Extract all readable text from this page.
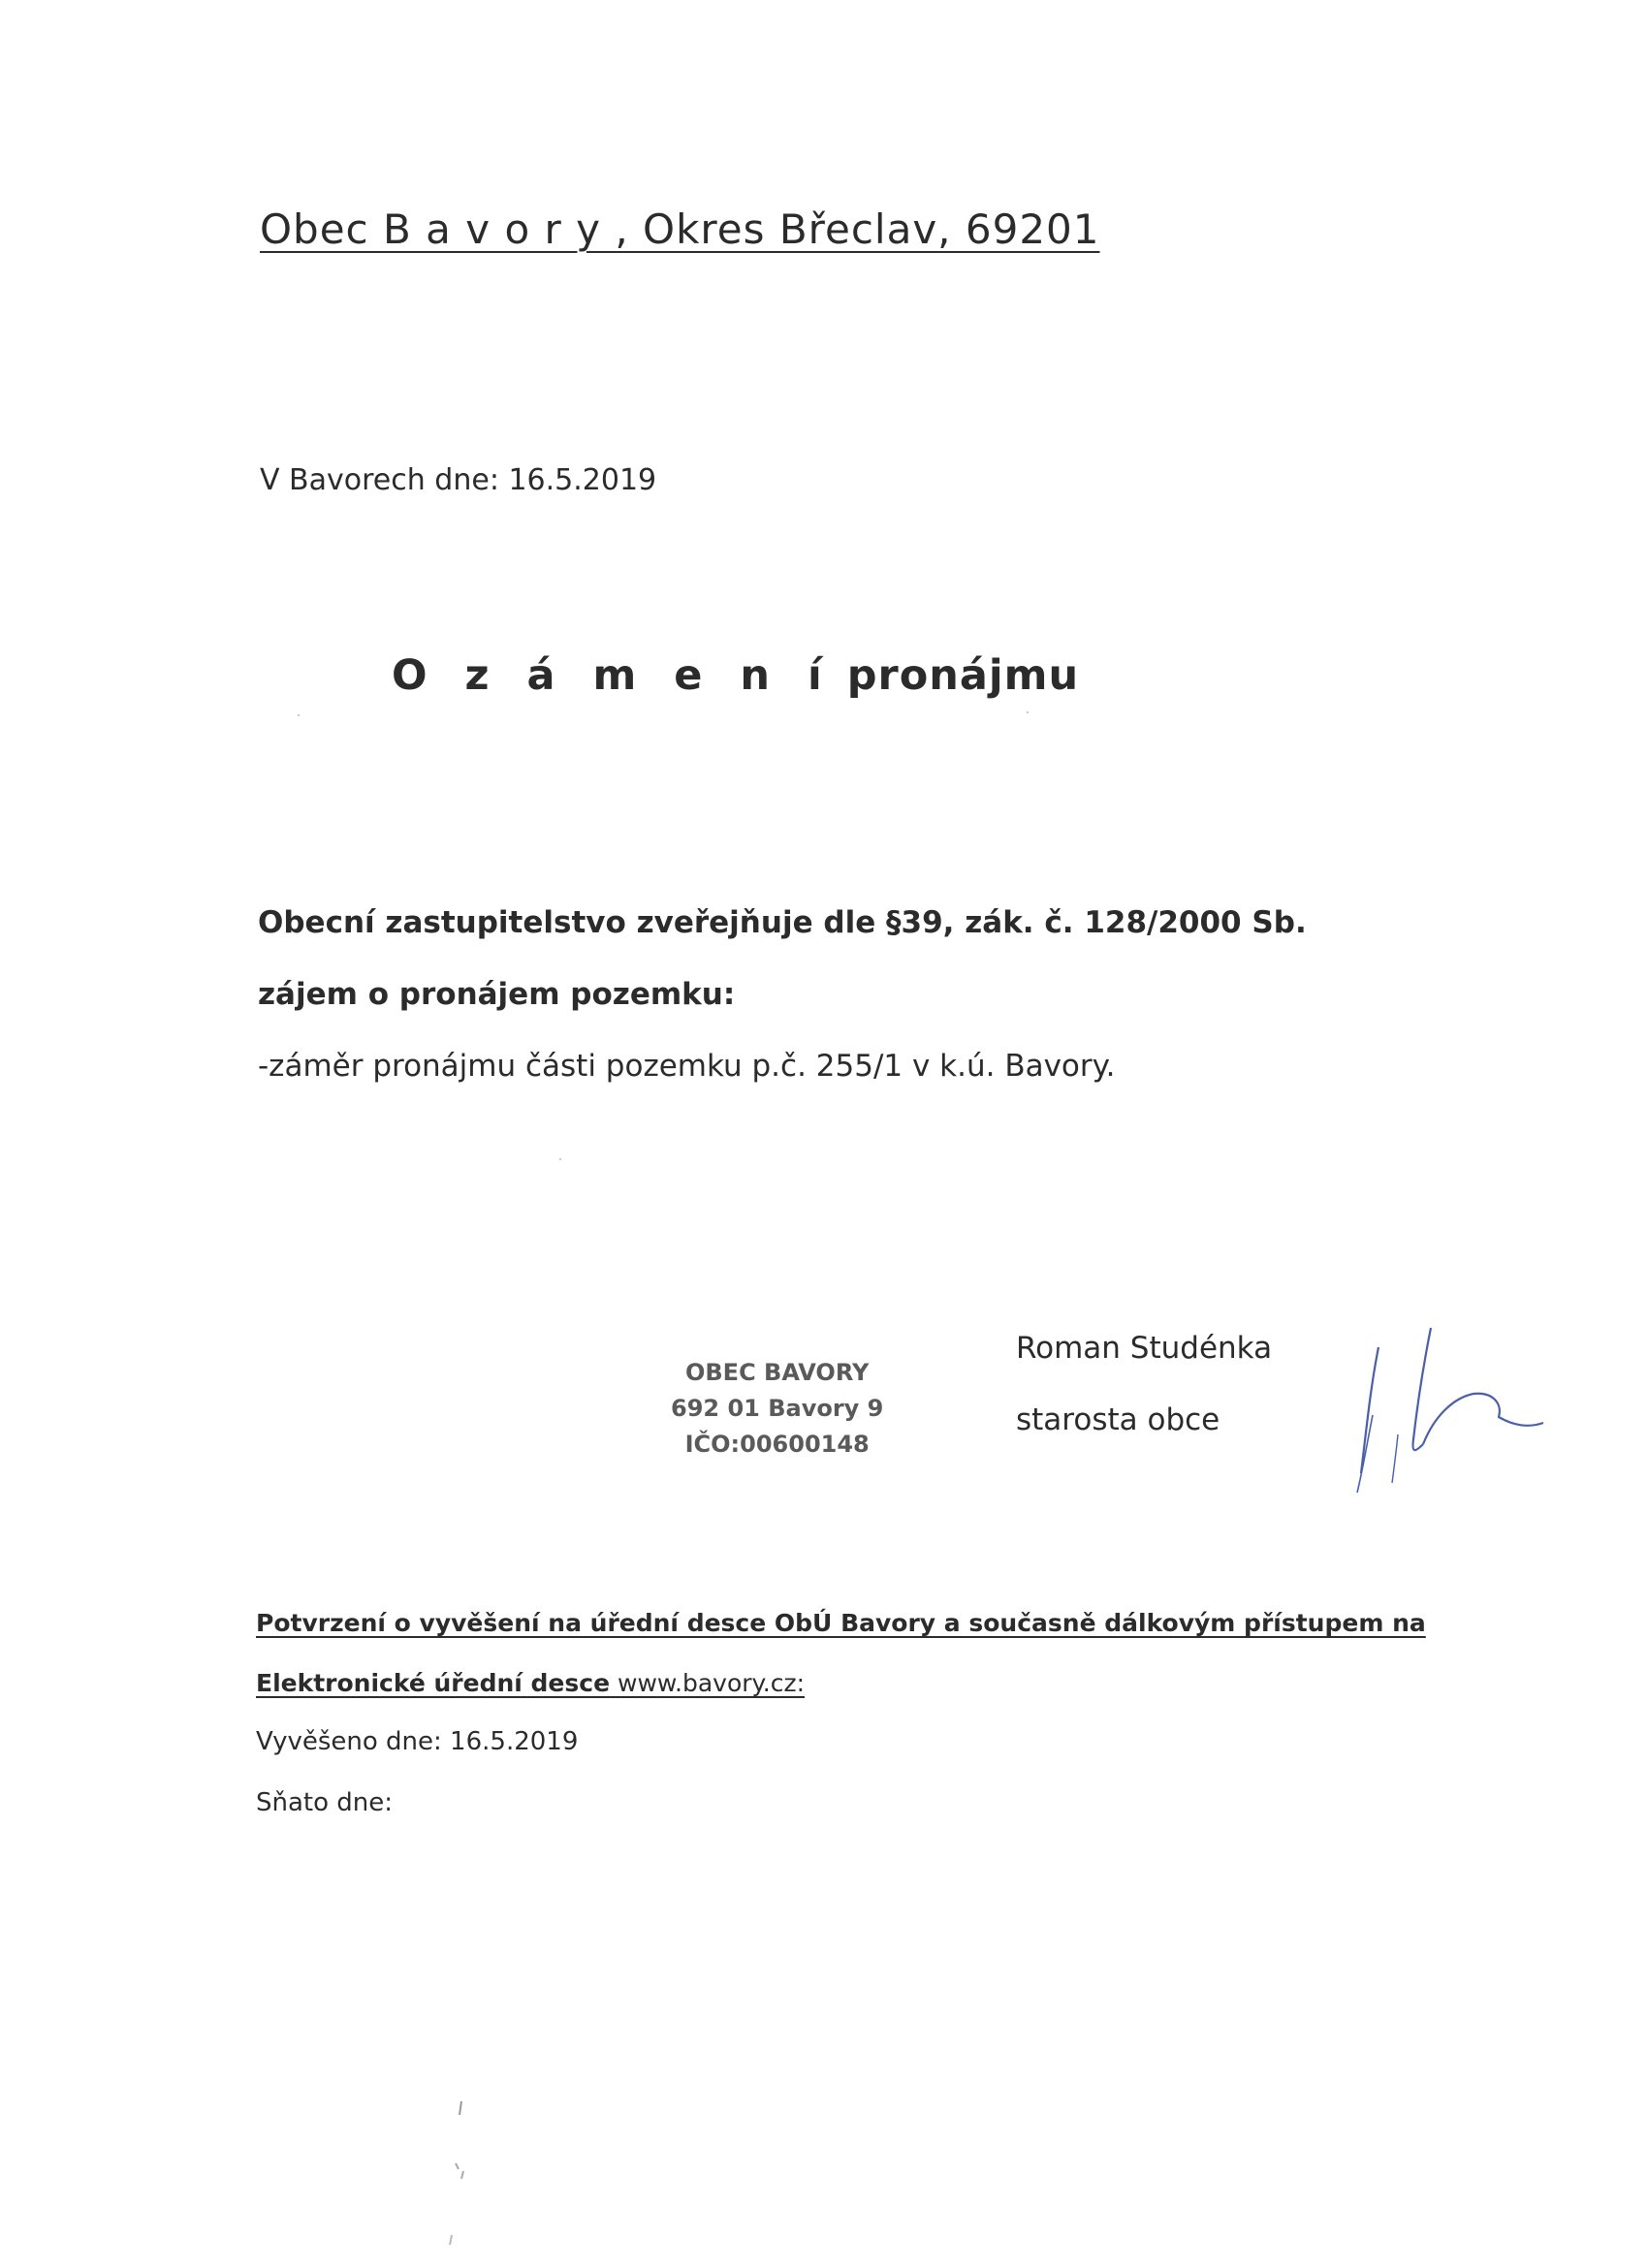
Obec B a v o r y , Okres Břeclav, 69201

V Bavorech dne: 16.5.2019

O z á m e n í pronájmu

Obecní zastupitelstvo zveřejňuje dle §39, zák. č. 128/2000 Sb.

zájem o pronájem pozemku:

-záměr pronájmu části pozemku p.č. 255/1 v k.ú. Bavory.

OBEC BAVORY
692 01 Bavory 9
IČO:00600148

Roman Studénka

starosta obce

Potvrzení o vyvěšení na úřední desce ObÚ Bavory a současně dálkovým přístupem na

Elektronické úřední desce www.bavory.cz:

Vyvěšeno dne: 16.5.2019

Sňato dne:
